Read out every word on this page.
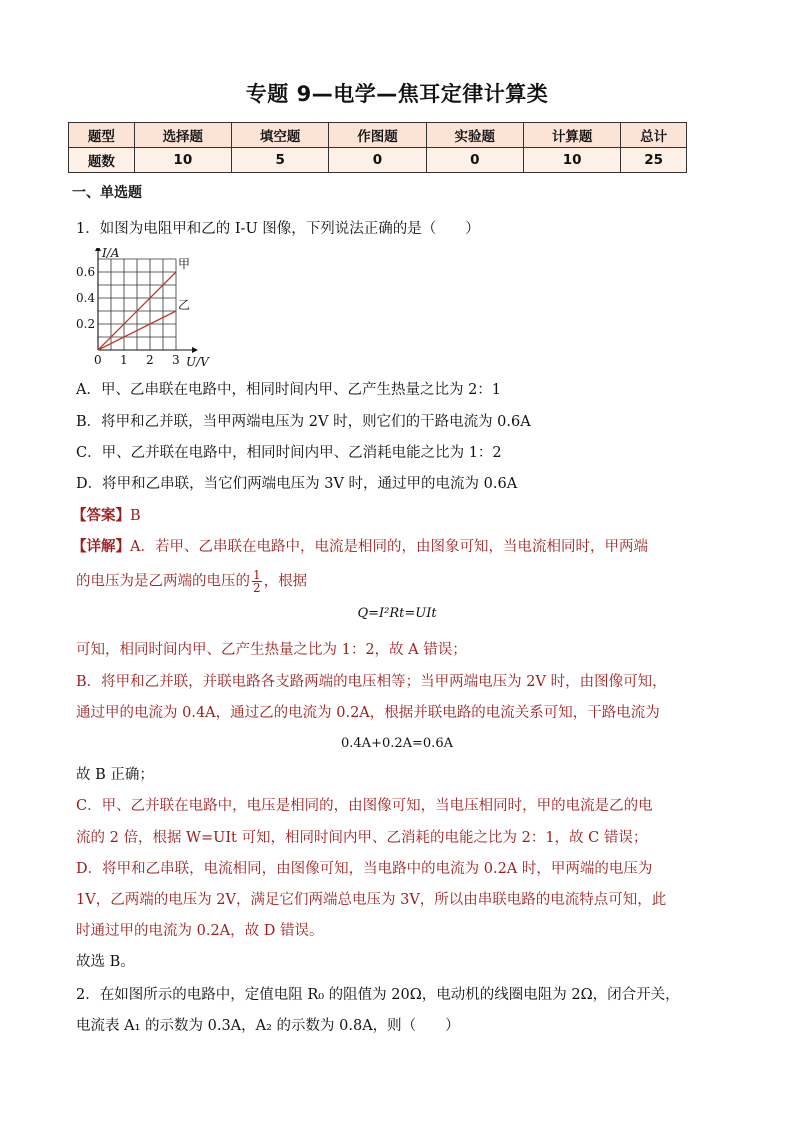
专题 9—电学—焦耳定律计算类
题型	选择题	填空题	作图题	实验题	计算题	总计
题数	10	5	0	0	10	25
一、单选题
1．如图为电阻甲和乙的 I-U 图像，下列说法正确的是（　　）
甲
乙
0 1 2 3
0.2
0.4
0.6
U/V
I/A
A．甲、乙串联在电路中，相同时间内甲、乙产生热量之比为 2：1
B．将甲和乙并联，当甲两端电压为 2V 时，则它们的干路电流为 0.6A
C．甲、乙并联在电路中，相同时间内甲、乙消耗电能之比为 1：2
D．将甲和乙串联，当它们两端电压为 3V 时，通过甲的电流为 0.6A
【答案】B
【详解】A．若甲、乙串联在电路中，电流是相同的，由图象可知，当电流相同时，甲两端
的电压为是乙两端的电压的 $\frac{1}{2}$ ，根据
Q=I²Rt=UIt
可知，相同时间内甲、乙产生热量之比为 1：2，故 A 错误；
B．将甲和乙并联，并联电路各支路两端的电压相等；当甲两端电压为 2V 时，由图像可知，
通过甲的电流为 0.4A，通过乙的电流为 0.2A，根据并联电路的电流关系可知，干路电流为
0.4A+0.2A=0.6A
故 B 正确；
C．甲、乙并联在电路中，电压是相同的，由图像可知，当电压相同时，甲的电流是乙的电
流的 2 倍，根据 W=UIt 可知，相同时间内甲、乙消耗的电能之比为 2：1，故 C 错误；
D．将甲和乙串联，电流相同，由图像可知，当电路中的电流为 0.2A 时，甲两端的电压为
1V，乙两端的电压为 2V，满足它们两端总电压为 3V，所以由串联电路的电流特点可知，此
时通过甲的电流为 0.2A，故 D 错误。
故选 B。
2．在如图所示的电路中，定值电阻 R₀ 的阻值为 20Ω，电动机的线圈电阻为 2Ω，闭合开关，
电流表 A₁ 的示数为 0.3A，A₂ 的示数为 0.8A，则（　　）
